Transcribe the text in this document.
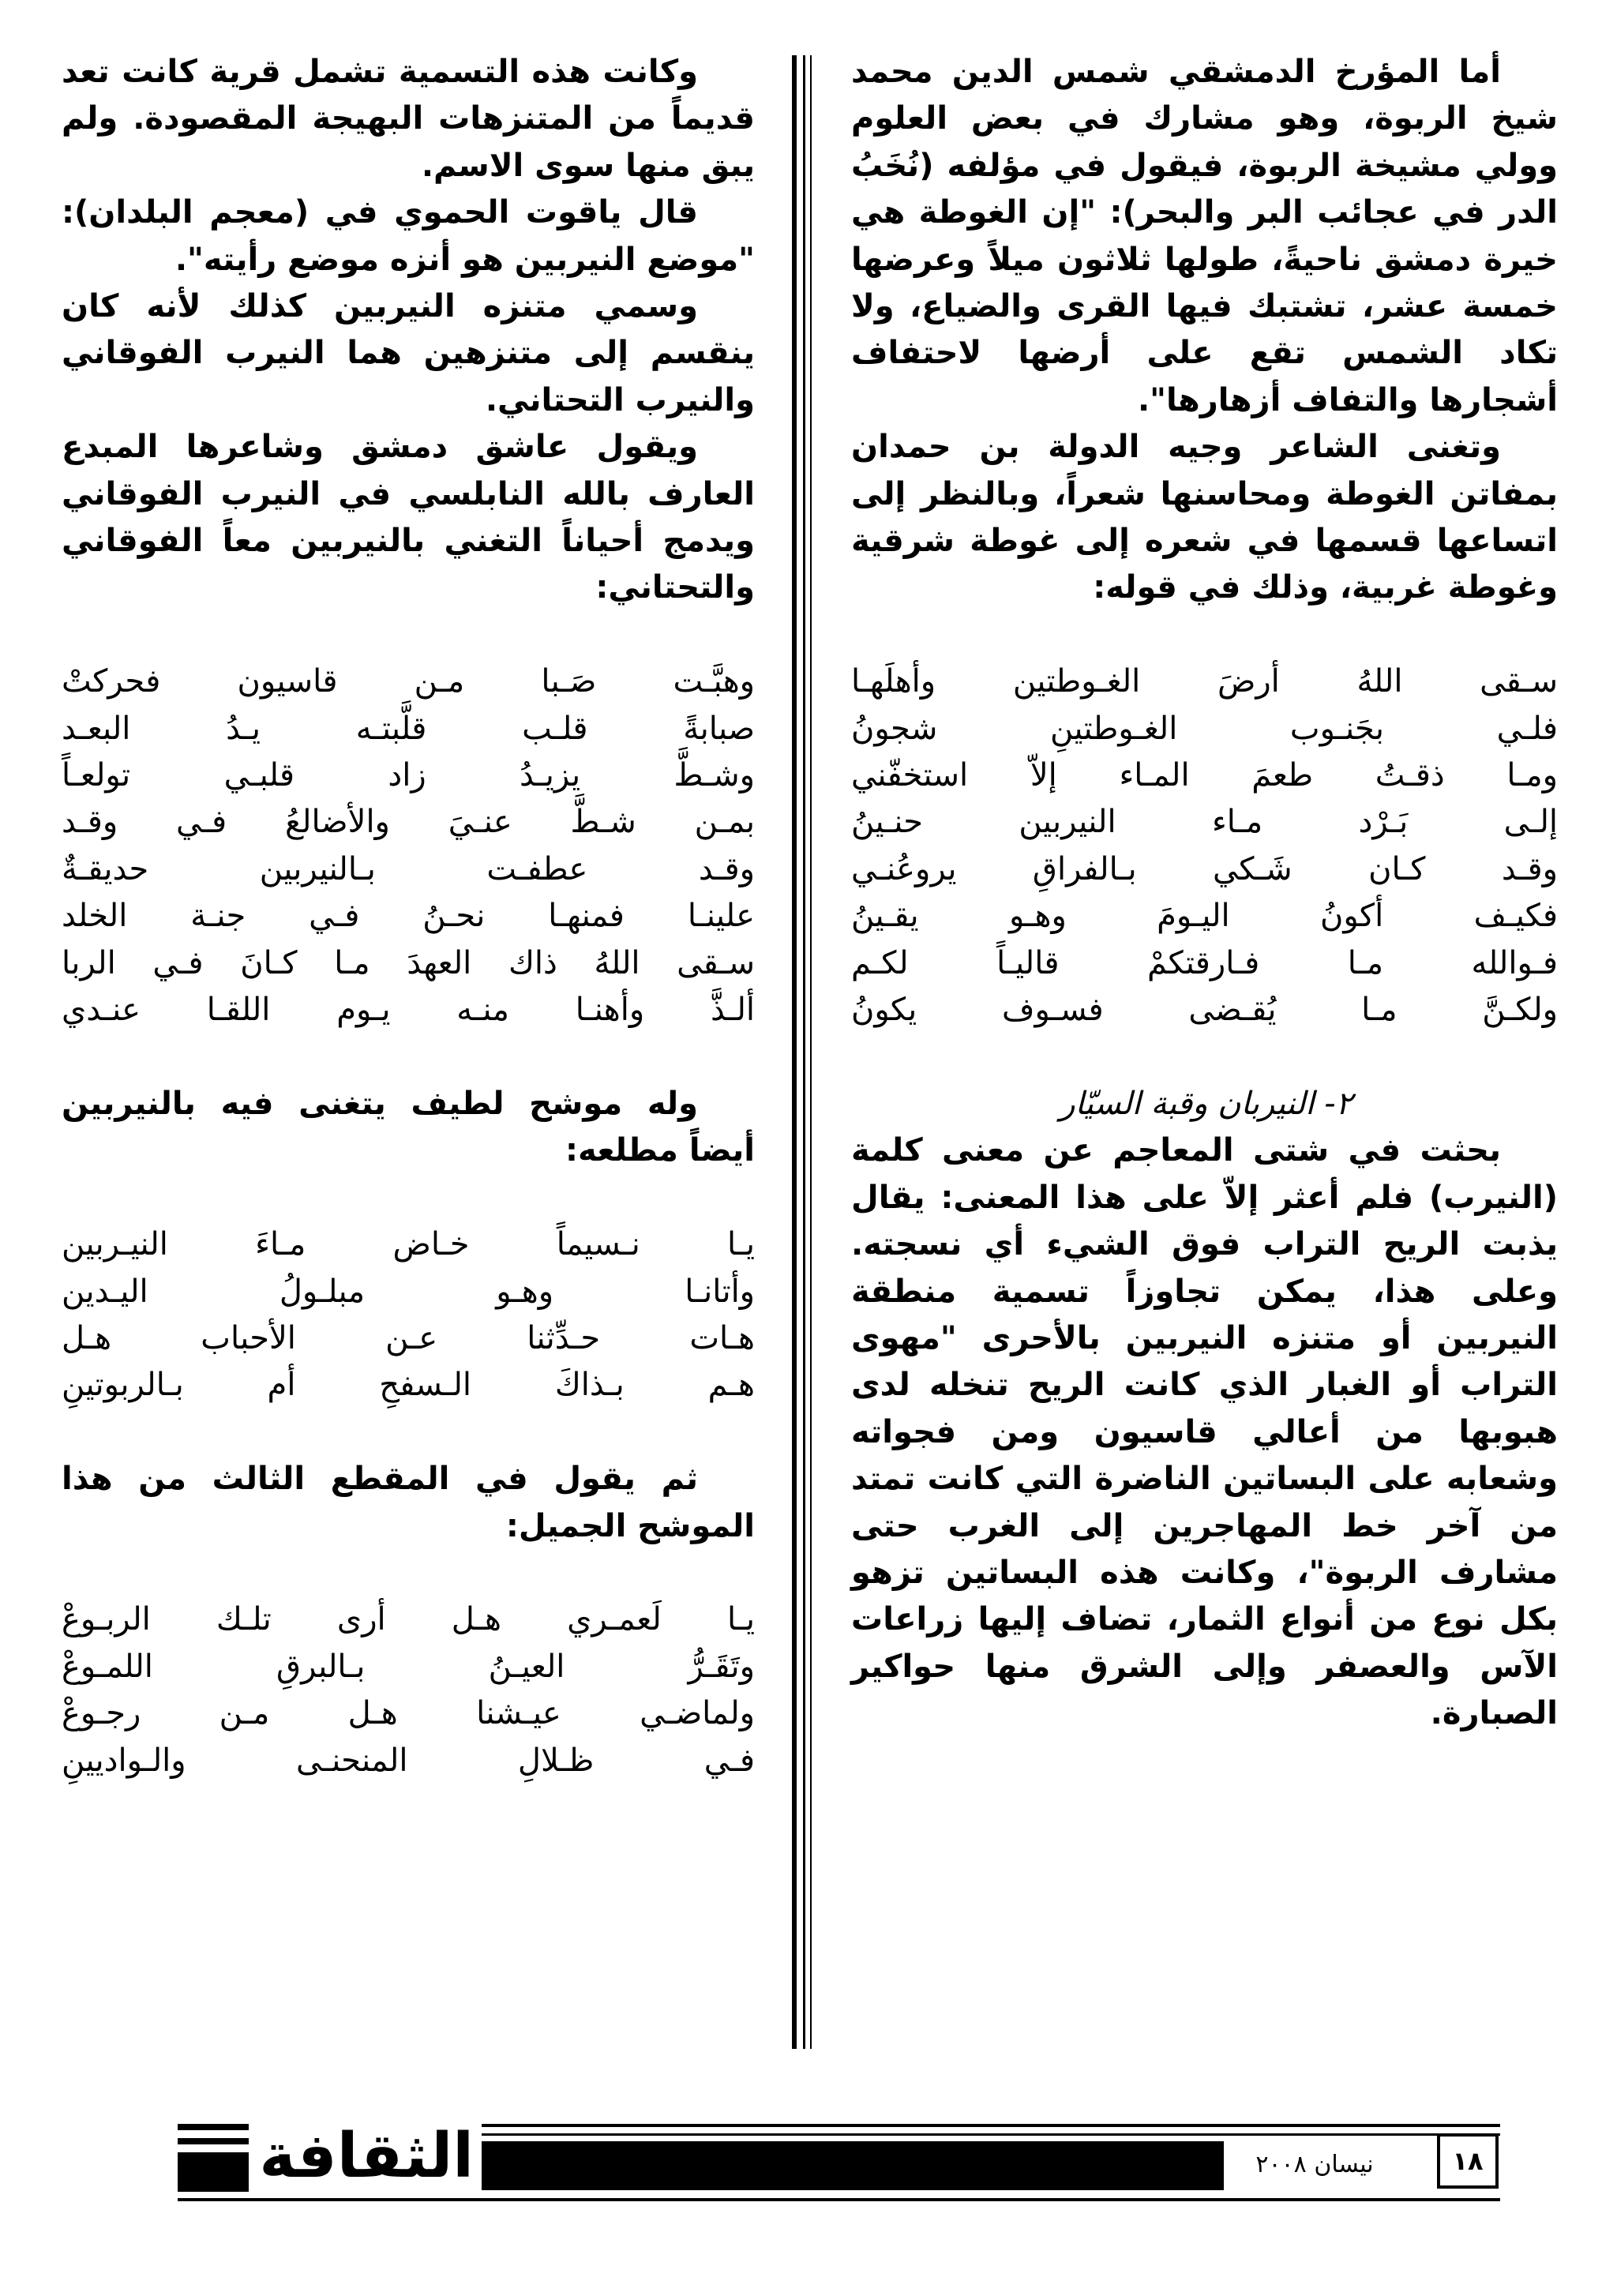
أما المؤرخ الدمشقي شمس الدين محمد شيخ الربوة، وهو مشارك في بعض العلوم وولي مشيخة الربوة، فيقول في مؤلفه (نُخَبُ الدر في عجائب البر والبحر): "إن الغوطة هي خيرة دمشق ناحيةً، طولها ثلاثون ميلاً وعرضها خمسة عشر، تشتبك فيها القرى والضياع، ولا تكاد الشمس تقع على أرضها لاحتفاف أشجارها والتفاف أزهارها".

وتغنى الشاعر وجيه الدولة بن حمدان بمفاتن الغوطة ومحاسنها شعراً، وبالنظر إلى اتساعها قسمها في شعره إلى غوطة شرقية وغوطة غربية، وذلك في قوله:

سـقى اللهُ أرضَ الغـوطتين وأهلَهـا
فلـي بجَنـوب الغـوطتينِ شجونُ
ومـا ذقـتُ طعمَ المـاء إلاّ استخفّني
إلـى بَـرْد مـاء النيربين حنـينُ
وقـد كـان شَـكي بـالفراقِ يروعُنـي
فكيـف أكونُ اليـومَ وهـو يقـينُ
فـوالله مـا فـارقتكمْ قاليـاً لكـم
ولكـنَّ مـا يُقـضى فسـوف يكونُ

٢- النيربان وقبة السيّار

بحثت في شتى المعاجم عن معنى كلمة (النيرب) فلم أعثر إلاّ على هذا المعنى: يقال يذبت الريح التراب فوق الشيء أي نسجته. وعلى هذا، يمكن تجاوزاً تسمية منطقة النيربين أو متنزه النيربين بالأحرى "مهوى التراب أو الغبار الذي كانت الريح تنخله لدى هبوبها من أعالي قاسيون ومن فجواته وشعابه على البساتين الناضرة التي كانت تمتد من آخر خط المهاجرين إلى الغرب حتى مشارف الربوة"، وكانت هذه البساتين تزهو بكل نوع من أنواع الثمار، تضاف إليها زراعات الآس والعصفر وإلى الشرق منها حواكير الصبارة.

وكانت هذه التسمية تشمل قرية كانت تعد قديماً من المتنزهات البهيجة المقصودة. ولم يبق منها سوى الاسم.

قال ياقوت الحموي في (معجم البلدان): "موضع النيربين هو أنزه موضع رأيته".

وسمي متنزه النيربين كذلك لأنه كان ينقسم إلى متنزهين هما النيرب الفوقاني والنيرب التحتاني.

ويقول عاشق دمشق وشاعرها المبدع العارف بالله النابلسي في النيرب الفوقاني ويدمج أحياناً التغني بالنيربين معاً الفوقاني والتحتاني:

وهبَّـت صَـبا مـن قاسيون فحركتْ
صبابةً قلـب قلَّبتـه يـدُ البعـد
وشـطَّ يزيـدُ زاد قلبـي تولعـاً
بمـن شـطَّ عنـيَ والأضالعُ فـي وقـد
وقـد عطفـت بـالنيربين حديقـةٌ
علينـا فمنهـا نحـنُ فـي جنـة الخلد
سـقى اللهُ ذاك العهدَ مـا كـانَ فـي الربا
ألـذَّ وأهنـا منـه يـوم اللقـا عنـدي

وله موشح لطيف يتغنى فيه بالنيربين أيضاً مطلعه:

يـا نـسيماً خـاض مـاءَ النيـربين
وأتانـا وهـو مبلـولُ اليـدين
هـات حـدِّثنا عـن الأحباب هـل
هـم بـذاكَ الـسفحِ أم بـالربوتينِ

ثم يقول في المقطع الثالث من هذا الموشح الجميل:

يـا لَعمـري هـل أرى تلـك الربـوعْ
وتَقَـرُّ العيـنُ بـالبرقِ اللمـوعْ
ولماضـي عيـشنا هـل مـن رجـوعْ
فـي ظـلالِ المنحنـى والـواديينِ
الثقافة	نيسان ٢٠٠٨	١٨
